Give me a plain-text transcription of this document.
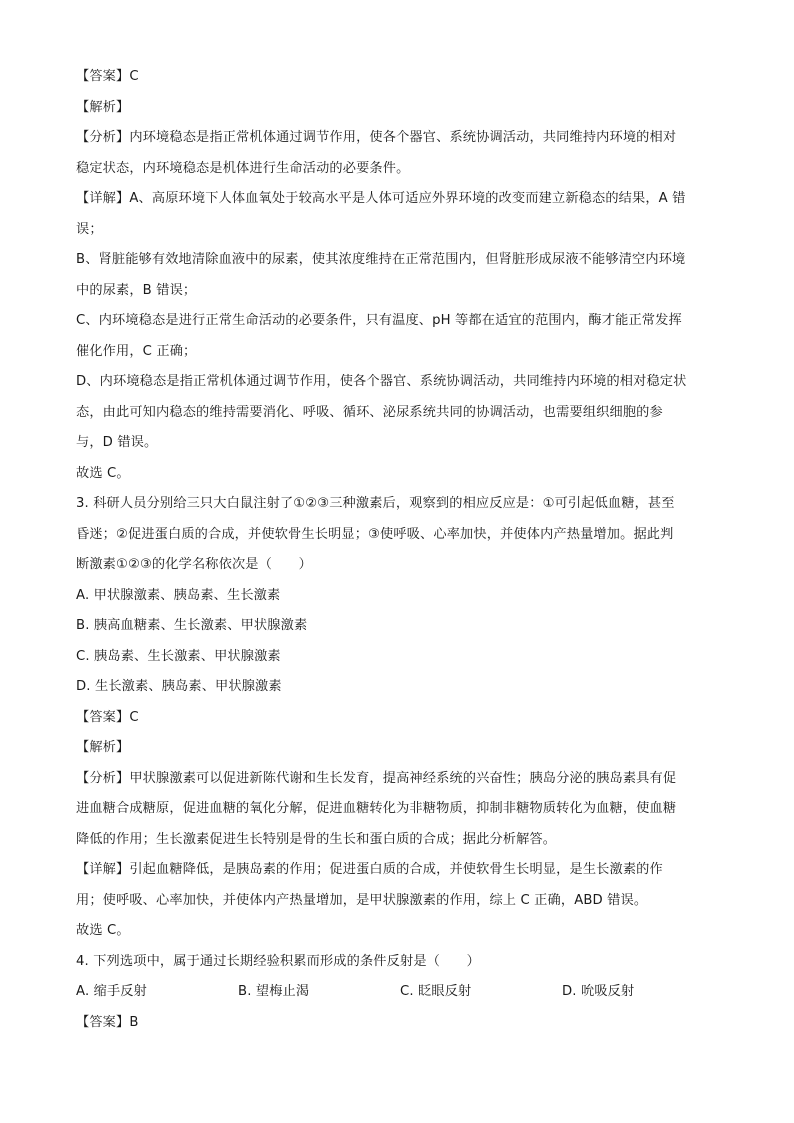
【答案】C
【解析】
【分析】内环境稳态是指正常机体通过调节作用，使各个器官、系统协调活动，共同维持内环境的相对
稳定状态，内环境稳态是机体进行生命活动的必要条件。
【详解】A、高原环境下人体血氧处于较高水平是人体可适应外界环境的改变而建立新稳态的结果，A 错
误；
B、肾脏能够有效地清除血液中的尿素，使其浓度维持在正常范围内，但肾脏形成尿液不能够清空内环境
中的尿素，B 错误；
C、内环境稳态是进行正常生命活动的必要条件，只有温度、pH 等都在适宜的范围内，酶才能正常发挥
催化作用，C 正确；
D、内环境稳态是指正常机体通过调节作用，使各个器官、系统协调活动，共同维持内环境的相对稳定状
态，由此可知内稳态的维持需要消化、呼吸、循环、泌尿系统共同的协调活动，也需要组织细胞的参
与，D 错误。
故选 C。
3. 科研人员分别给三只大白鼠注射了①②③三种激素后，观察到的相应反应是：①可引起低血糖，甚至
昏迷；②促进蛋白质的合成，并使软骨生长明显；③使呼吸、心率加快，并使体内产热量增加。据此判
断激素①②③的化学名称依次是（　　）
A. 甲状腺激素、胰岛素、生长激素
B. 胰高血糖素、生长激素、甲状腺激素
C. 胰岛素、生长激素、甲状腺激素
D. 生长激素、胰岛素、甲状腺激素
【答案】C
【解析】
【分析】甲状腺激素可以促进新陈代谢和生长发育，提高神经系统的兴奋性；胰岛分泌的胰岛素具有促
进血糖合成糖原，促进血糖的氧化分解，促进血糖转化为非糖物质，抑制非糖物质转化为血糖，使血糖
降低的作用；生长激素促进生长特别是骨的生长和蛋白质的合成；据此分析解答。
【详解】引起血糖降低，是胰岛素的作用；促进蛋白质的合成，并使软骨生长明显，是生长激素的作
用；使呼吸、心率加快，并使体内产热量增加，是甲状腺激素的作用，综上 C 正确，ABD 错误。
故选 C。
4. 下列选项中，属于通过长期经验积累而形成的条件反射是（　　）
A. 缩手反射	B. 望梅止渴	C. 眨眼反射	D. 吮吸反射
【答案】B
